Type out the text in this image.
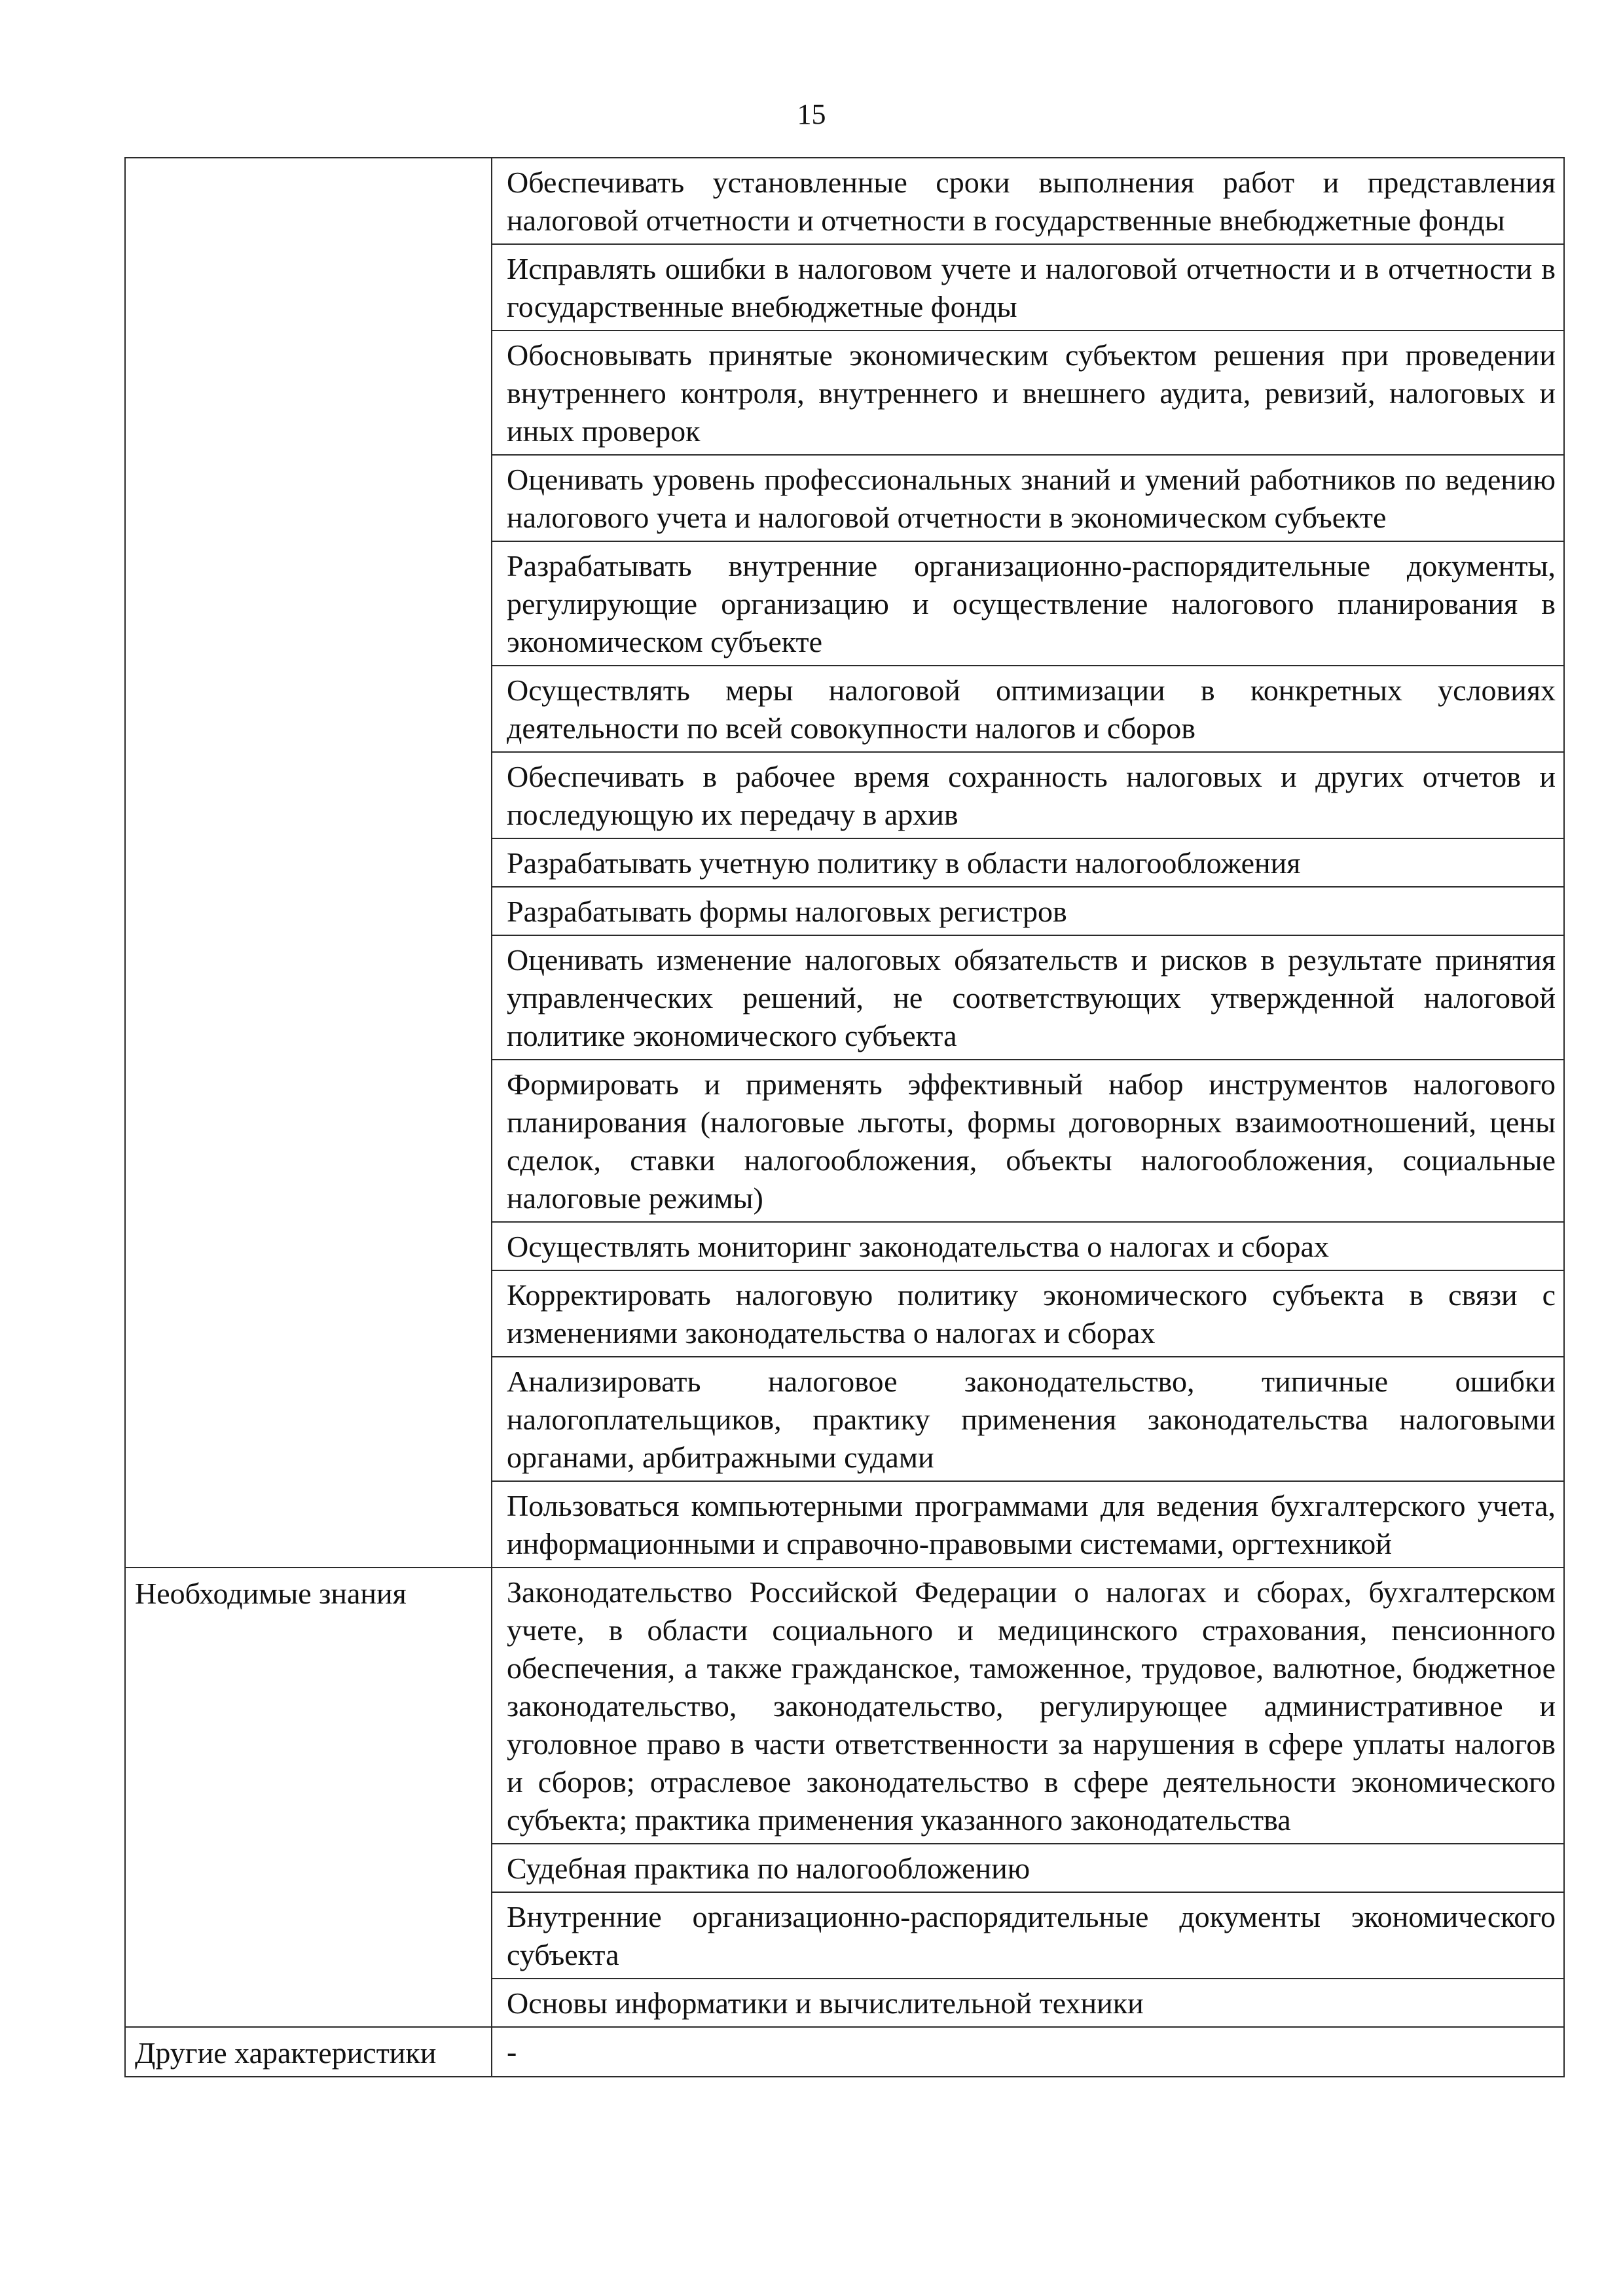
15
	Обеспечивать установленные сроки выполнения работ и представления налоговой отчетности и отчетности в государственные внебюджетные фонды
	Исправлять ошибки в налоговом учете и налоговой отчетности и в отчетности в государственные внебюджетные фонды
	Обосновывать принятые экономическим субъектом решения при проведении внутреннего контроля, внутреннего и внешнего аудита, ревизий, налоговых и иных проверок
	Оценивать уровень профессиональных знаний и умений работников по ведению налогового учета и налоговой отчетности в экономическом субъекте
	Разрабатывать внутренние организационно-распорядительные документы, регулирующие организацию и осуществление налогового планирования в экономическом субъекте
	Осуществлять меры налоговой оптимизации в конкретных условиях деятельности по всей совокупности налогов и сборов
	Обеспечивать в рабочее время сохранность налоговых и других отчетов и последующую их передачу в архив
	Разрабатывать учетную политику в области налогообложения
	Разрабатывать формы налоговых регистров
	Оценивать изменение налоговых обязательств и рисков в результате принятия управленческих решений, не соответствующих утвержденной налоговой политике экономического субъекта
	Формировать и применять эффективный набор инструментов налогового планирования (налоговые льготы, формы договорных взаимоотношений, цены сделок, ставки налогообложения, объекты налогообложения, социальные налоговые режимы)
	Осуществлять мониторинг законодательства о налогах и сборах
	Корректировать налоговую политику экономического субъекта в связи с изменениями законодательства о налогах и сборах
	Анализировать налоговое законодательство, типичные ошибки налогоплательщиков, практику применения законодательства налоговыми органами, арбитражными судами
	Пользоваться компьютерными программами для ведения бухгалтерского учета, информационными и справочно-правовыми системами, оргтехникой
Необходимые знания	Законодательство Российской Федерации о налогах и сборах, бухгалтерском учете, в области социального и медицинского страхования, пенсионного обеспечения, а также гражданское, таможенное, трудовое, валютное, бюджетное законодательство, законодательство, регулирующее административное и уголовное право в части ответственности за нарушения в сфере уплаты налогов и сборов; отраслевое законодательство в сфере деятельности экономического субъекта; практика применения указанного законодательства
	Судебная практика по налогообложению
	Внутренние организационно-распорядительные документы экономического субъекта
	Основы информатики и вычислительной техники
Другие характеристики	-
